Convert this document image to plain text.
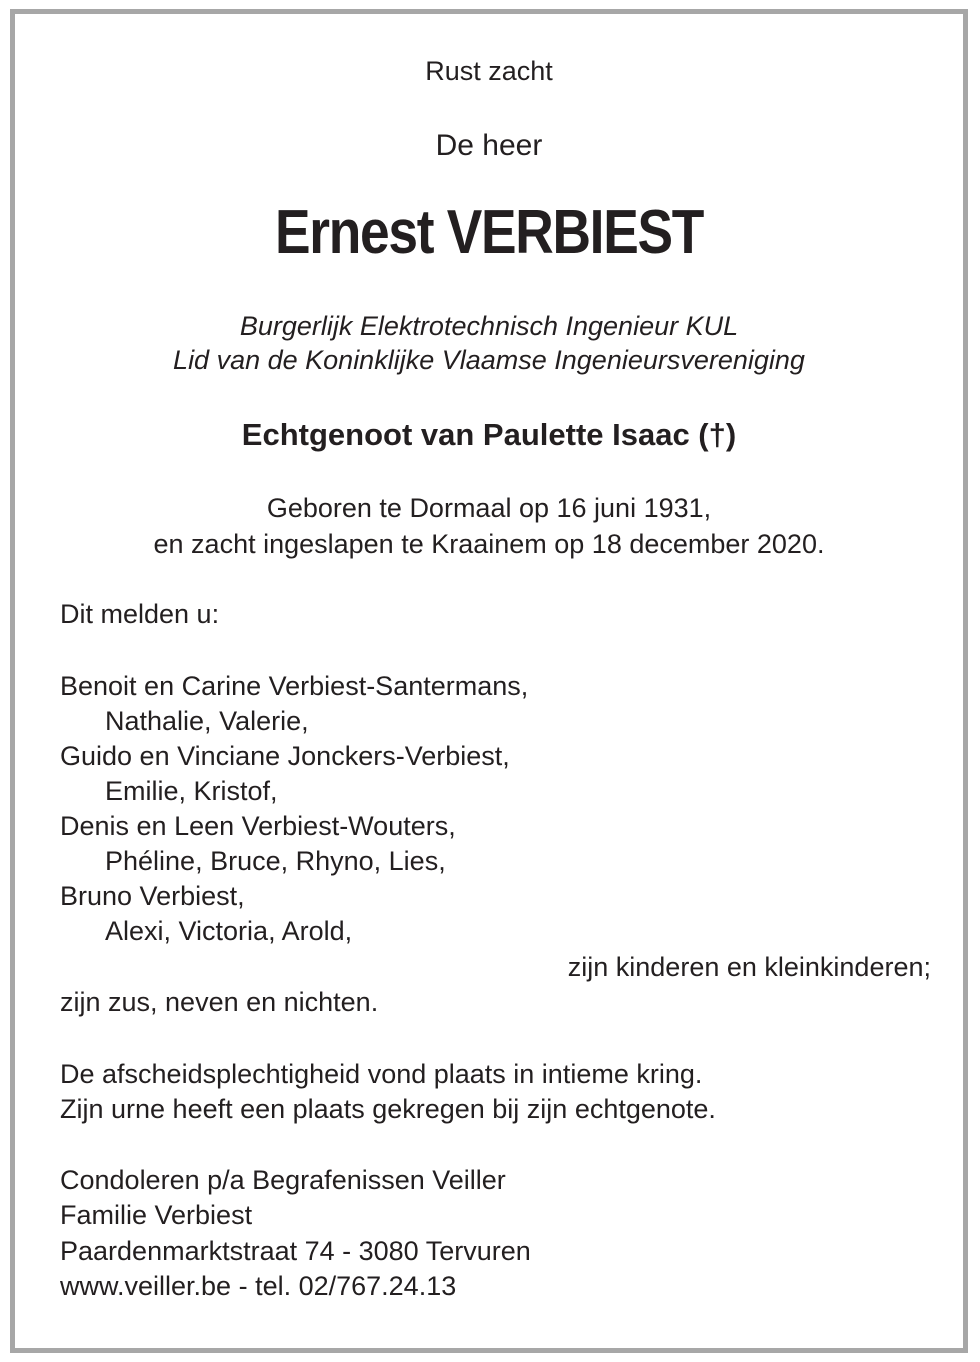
Rust zacht
De heer
Ernest VERBIEST
Burgerlijk Elektrotechnisch Ingenieur KUL
Lid van de Koninklijke Vlaamse Ingenieursvereniging
Echtgenoot van Paulette Isaac (†)
Geboren te Dormaal op 16 juni 1931,
en zacht ingeslapen te Kraainem op 18 december 2020.
Dit melden u:
Benoit en Carine Verbiest-Santermans,
Nathalie, Valerie,
Guido en Vinciane Jonckers-Verbiest,
Emilie, Kristof,
Denis en Leen Verbiest-Wouters,
Phéline, Bruce, Rhyno, Lies,
Bruno Verbiest,
Alexi, Victoria, Arold,
zijn kinderen en kleinkinderen;
zijn zus, neven en nichten.
De afscheidsplechtigheid vond plaats in intieme kring.
Zijn urne heeft een plaats gekregen bij zijn echtgenote.
Condoleren p/a Begrafenissen Veiller
Familie Verbiest
Paardenmarktstraat 74 - 3080 Tervuren
www.veiller.be - tel. 02/767.24.13
